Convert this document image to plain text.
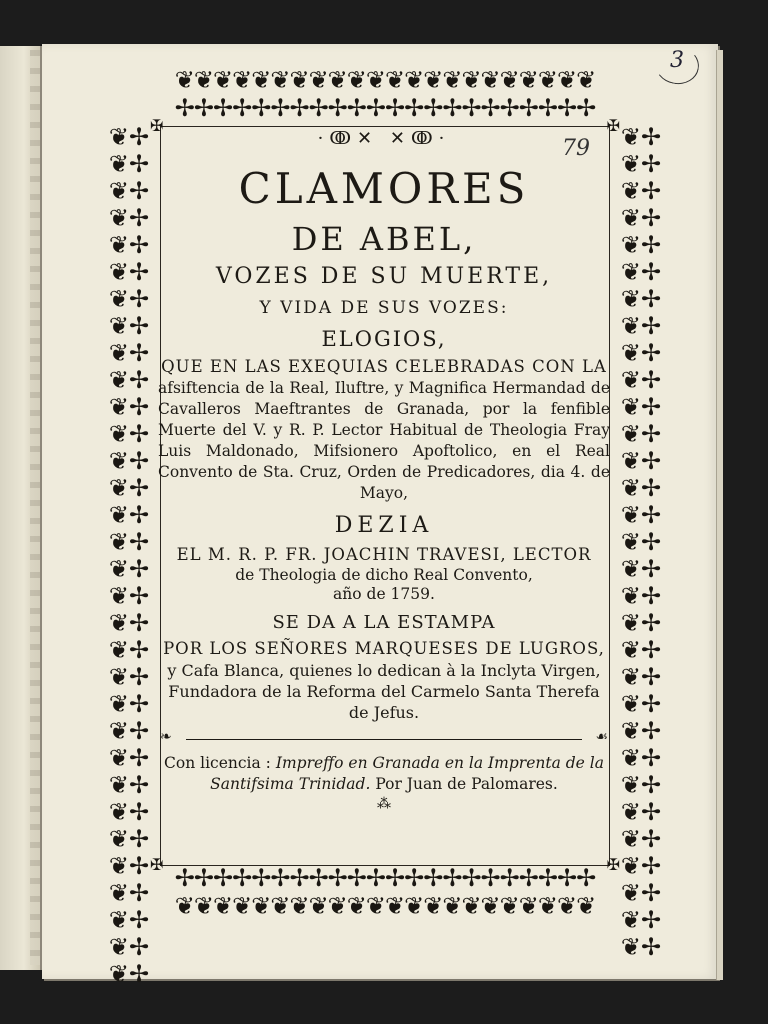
3
❦❦❦❦❦❦❦❦❦❦❦❦❦❦❦❦❦❦❦❦❦❦
✢✢✢✢✢✢✢✢✢✢✢✢✢✢✢✢✢✢✢✢✢✢
✢✢✢✢✢✢✢✢✢✢✢✢✢✢✢✢✢✢✢✢✢✢
❦❦❦❦❦❦❦❦❦❦❦❦❦❦❦❦❦❦❦❦❦❦
❦✢❦✢❦✢❦✢❦✢❦✢❦✢❦✢❦✢❦✢❦✢❦✢❦✢❦✢❦✢❦✢❦✢❦✢❦✢❦✢❦✢❦✢❦✢❦✢❦✢❦✢❦✢❦✢❦✢❦✢❦✢❦✢
❦✢❦✢❦✢❦✢❦✢❦✢❦✢❦✢❦✢❦✢❦✢❦✢❦✢❦✢❦✢❦✢❦✢❦✢❦✢❦✢❦✢❦✢❦✢❦✢❦✢❦✢❦✢❦✢❦✢❦✢❦✢
✠	✠
✠	✠
79
·ↂ✕ ✕ↂ·
CLAMORES
DE ABEL,
VOZES DE SU MUERTE,
Y VIDA DE SUS VOZES:
ELOGIOS,
QUE EN LAS EXEQUIAS CELEBRADAS CON LA
afsiftencia de la Real, Iluftre, y Magnifica Hermandad de Cavalleros Maeftrantes de Granada, por la fenfible Muerte del V. y R. P. Lector Habitual de Theologia Fray Luis Maldonado, Mifsionero Apoftolico, en el Real Convento de Sta. Cruz, Orden de Predicadores, dia 4. de Mayo,
DEZIA
EL M. R. P. FR. JOACHIN TRAVESI, LECTOR
de Theologia de dicho Real Convento,
año de 1759.
SE DA A LA ESTAMPA
POR LOS SEÑORES MARQUESES DE LUGROS,
y Cafa Blanca, quienes lo dedican à la Inclyta Virgen, Fundadora de la Reforma del Carmelo Santa Therefa de Jefus.
❧	☙
Con licencia : Impreffo en Granada en la Imprenta de la Santifsima Trinidad. Por Juan de Palomares.
⁂
